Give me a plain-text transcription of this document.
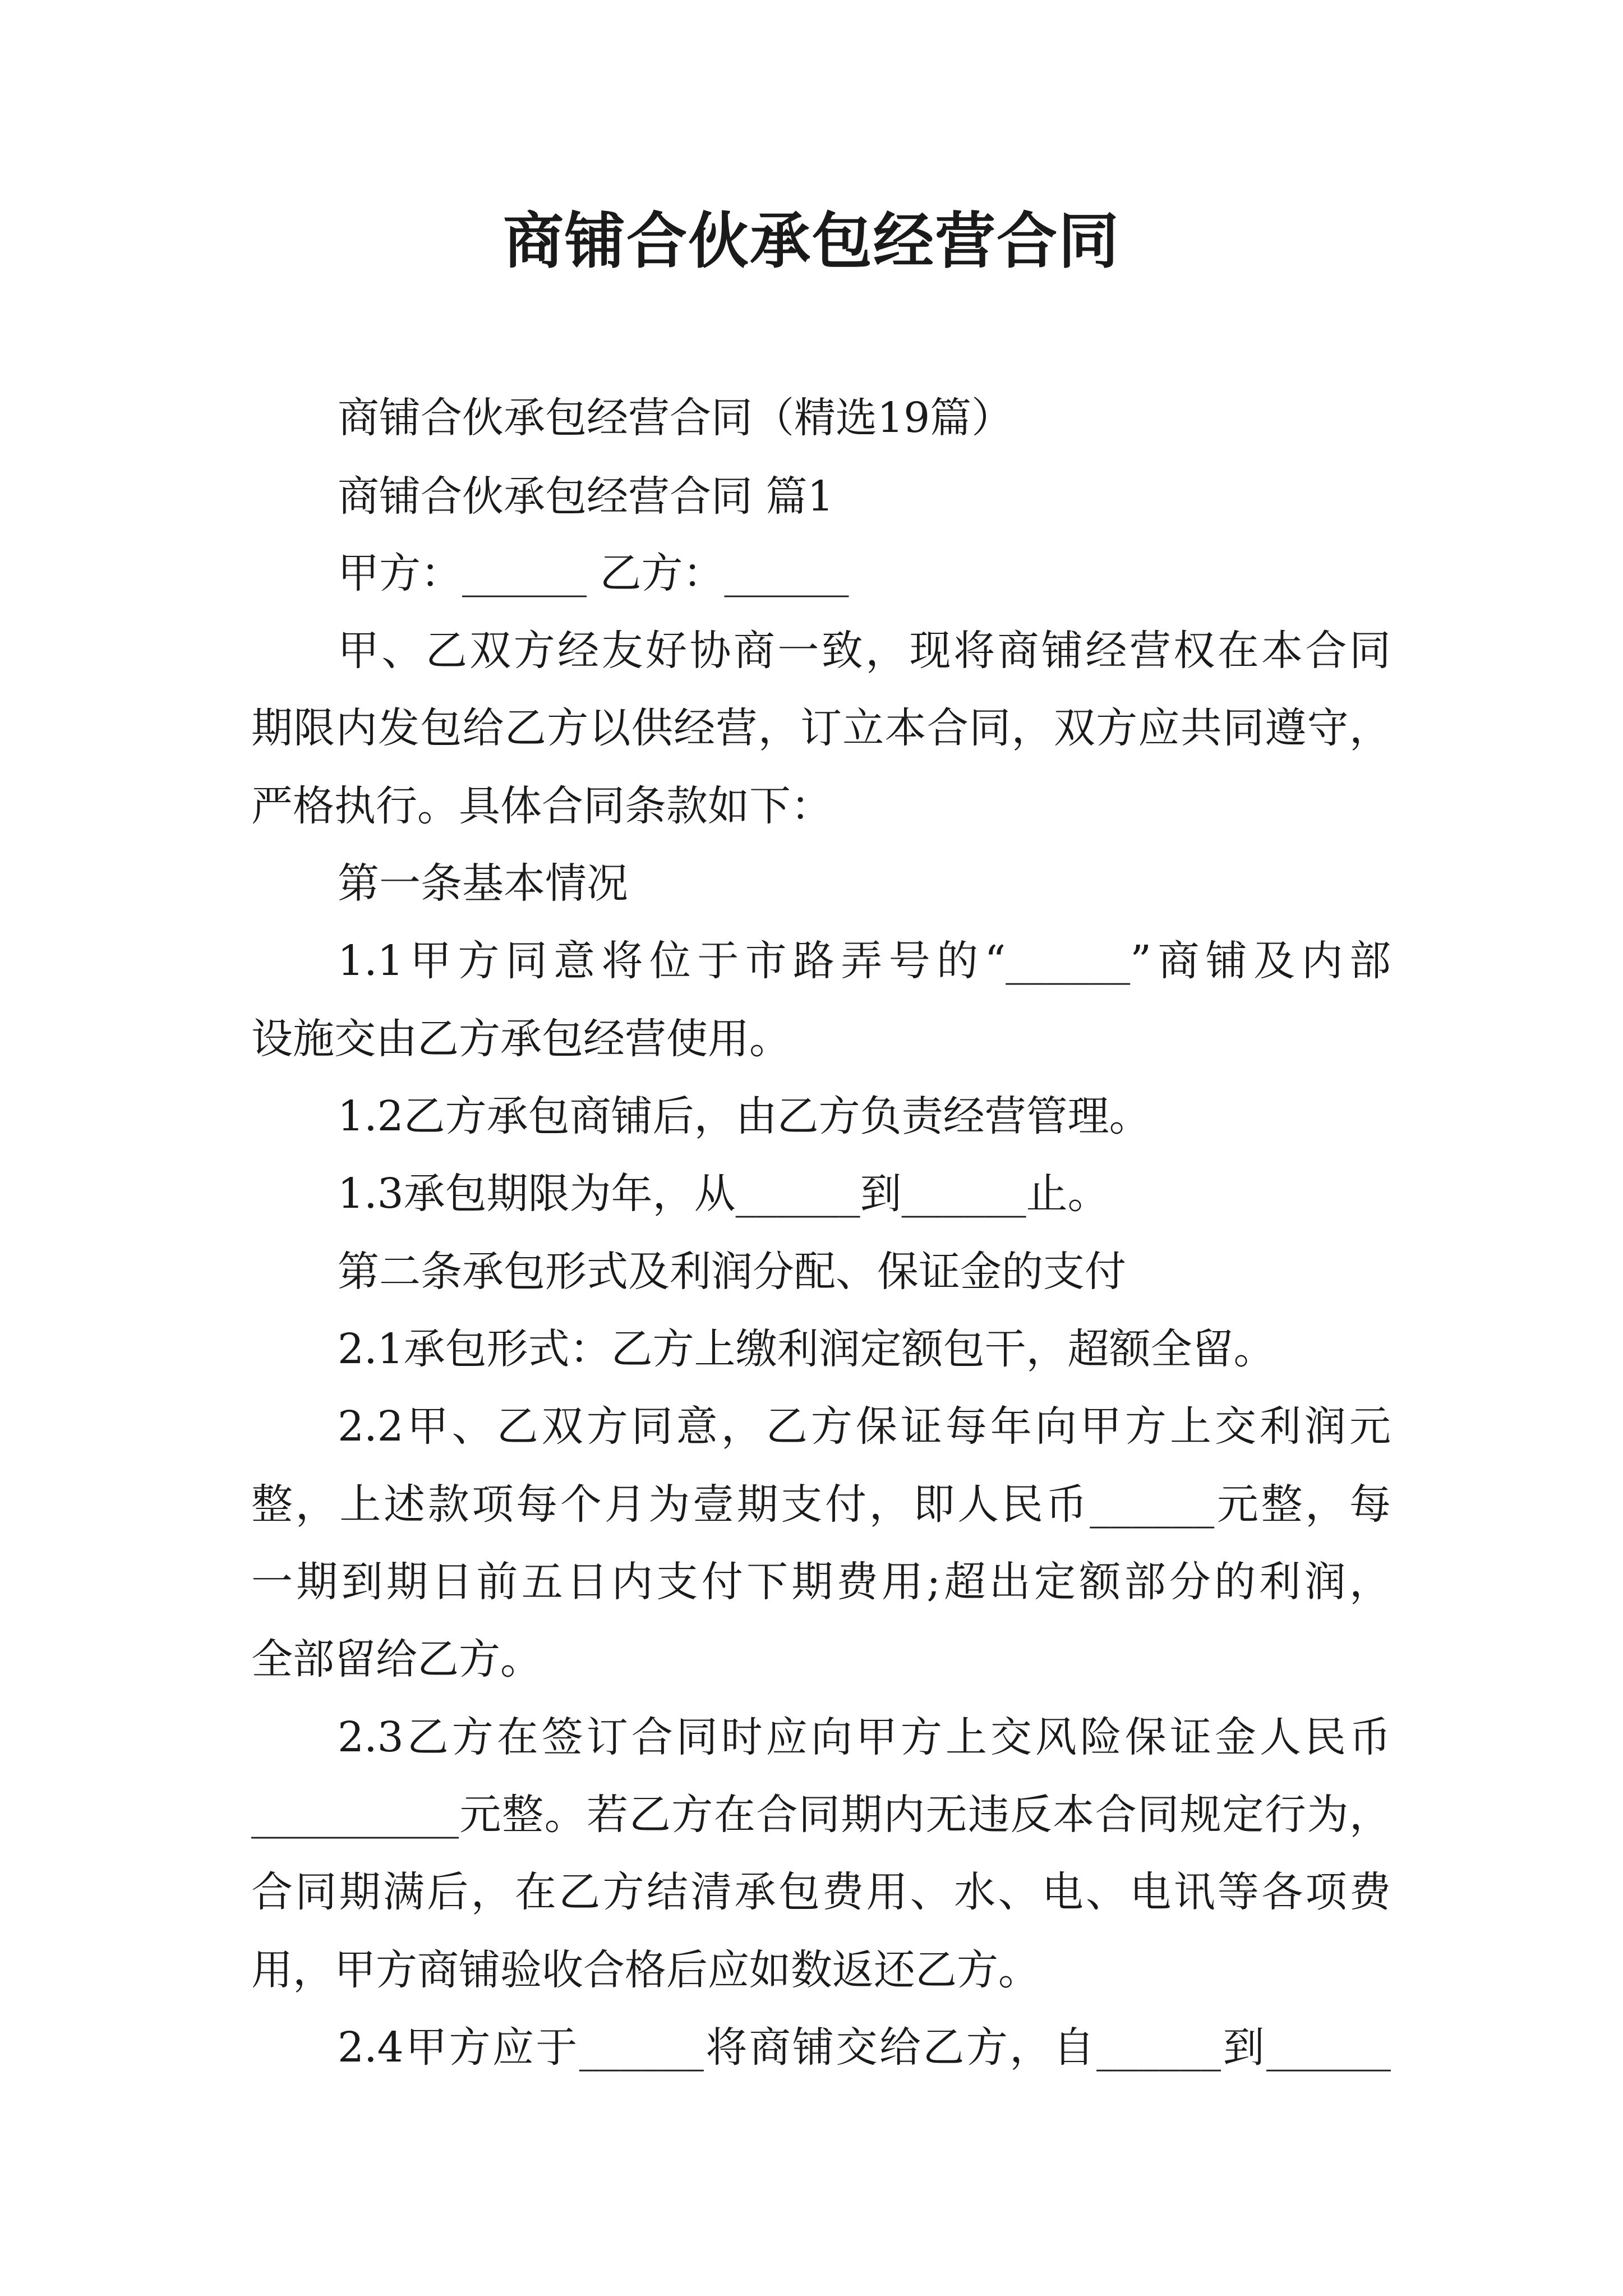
商铺合伙承包经营合同
商铺合伙承包经营合同（精选19篇）
商铺合伙承包经营合同 篇1
甲方：______ 乙方：______
甲、乙双方经友好协商一致，现将商铺经营权在本合同
期限内发包给乙方以供经营，订立本合同，双方应共同遵守，
严格执行。具体合同条款如下：
第一条基本情况
1.1甲方同意将位于市路弄号的“______”商铺及内部
设施交由乙方承包经营使用。
1.2乙方承包商铺后，由乙方负责经营管理。
1.3承包期限为年，从______到______止。
第二条承包形式及利润分配、保证金的支付
2.1承包形式：乙方上缴利润定额包干，超额全留。
2.2甲、乙双方同意，乙方保证每年向甲方上交利润元
整，上述款项每个月为壹期支付，即人民币______元整，每
一期到期日前五日内支付下期费用;超出定额部分的利润，
全部留给乙方。
2.3乙方在签订合同时应向甲方上交风险保证金人民币
__________元整。若乙方在合同期内无违反本合同规定行为，
合同期满后，在乙方结清承包费用、水、电、电讯等各项费
用，甲方商铺验收合格后应如数返还乙方。
2.4甲方应于______将商铺交给乙方，自______到______
